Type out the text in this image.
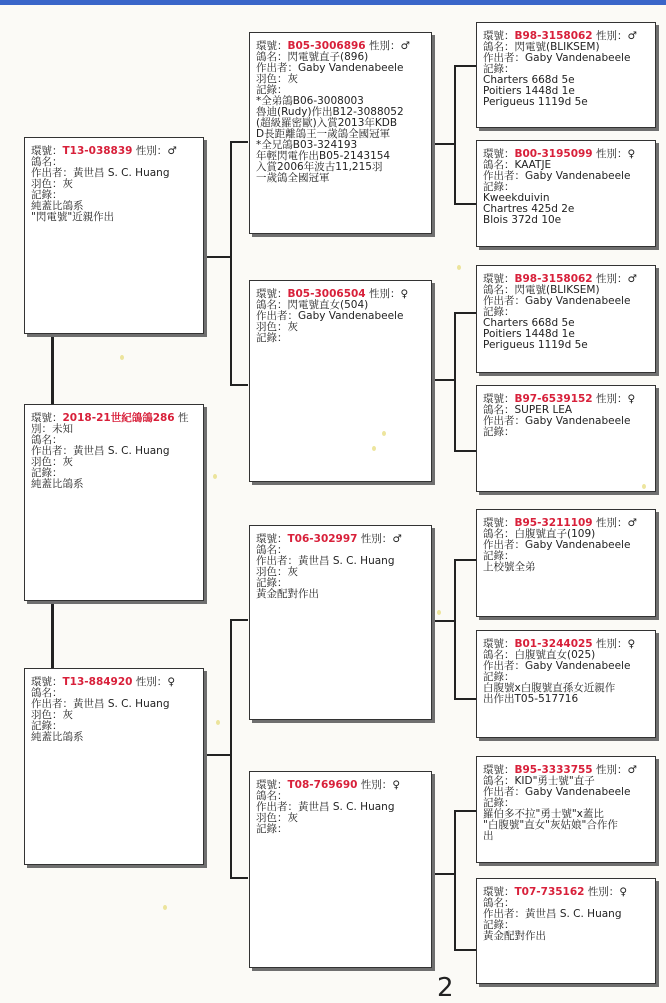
環號：2018-21世紀鴿鴿286 性別：未知
鴿名：
作出者：黃世昌 S. C. Huang
羽色：灰
記錄：
純蓋比鴿系
環號：T13-038839 性別：♂
鴿名：
作出者：黃世昌 S. C. Huang
羽色：灰
記錄：
純蓋比鴿系
"閃電號"近親作出
環號：T13-884920 性別：♀
鴿名：
作出者：黃世昌 S. C. Huang
羽色：灰
記錄：
純蓋比鴿系
環號：B05-3006896 性別：♂
鴿名：閃電號直子(896)
作出者：Gaby Vandenabeele
羽色：灰
記錄：
*全弟鴿B06-3008003
魯迪(Rudy)作出B12-3088052
(超級羅密歐)入賞2013年KDB
D長距離鴿王一歲鴿全國冠軍
*全兄鴿B03-324193
年輕閃電作出B05-2143154
入賞2006年波古11,215羽
一歲鴿全國冠軍
環號：B05-3006504 性別：♀
鴿名：閃電號直女(504)
作出者：Gaby Vandenabeele
羽色：灰
記錄：
環號：T06-302997 性別：♂
鴿名：
作出者：黃世昌 S. C. Huang
羽色：灰
記錄：
黃金配對作出
環號：T08-769690 性別：♀
鴿名：
作出者：黃世昌 S. C. Huang
羽色：灰
記錄：
環號：B98-3158062 性別：♂
鴿名：閃電號(BLIKSEM)
作出者：Gaby Vandenabeele
記錄：
Charters 668d 5e
Poitiers 1448d 1e
Perigueus 1119d 5e
環號：B00-3195099 性別：♀
鴿名：KAATJE
作出者：Gaby Vandenabeele
記錄：
Kweekduivin
Chartres 425d 2e
Blois 372d 10e
環號：B98-3158062 性別：♂
鴿名：閃電號(BLIKSEM)
作出者：Gaby Vandenabeele
記錄：
Charters 668d 5e
Poitiers 1448d 1e
Perigueus 1119d 5e
環號：B97-6539152 性別：♀
鴿名：SUPER LEA
作出者：Gaby Vandenabeele
記錄：
環號：B95-3211109 性別：♂
鴿名：白腹號直子(109)
作出者：Gaby Vandenabeele
記錄：
上校號全弟
環號：B01-3244025 性別：♀
鴿名：白腹號直女(025)
作出者：Gaby Vandenabeele
記錄：
白腹號x白腹號直孫女近親作
出作出T05-517716
環號：B95-3333755 性別：♂
鴿名：KID"勇士號"直子
作出者：Gaby Vandenabeele
記錄：
羅伯多不拉"勇士號"x蓋比
"白腹號"直女"灰姑娘"合作作
出
環號：T07-735162 性別：♀
鴿名：
作出者：黃世昌 S. C. Huang
記錄：
黃金配對作出
2
